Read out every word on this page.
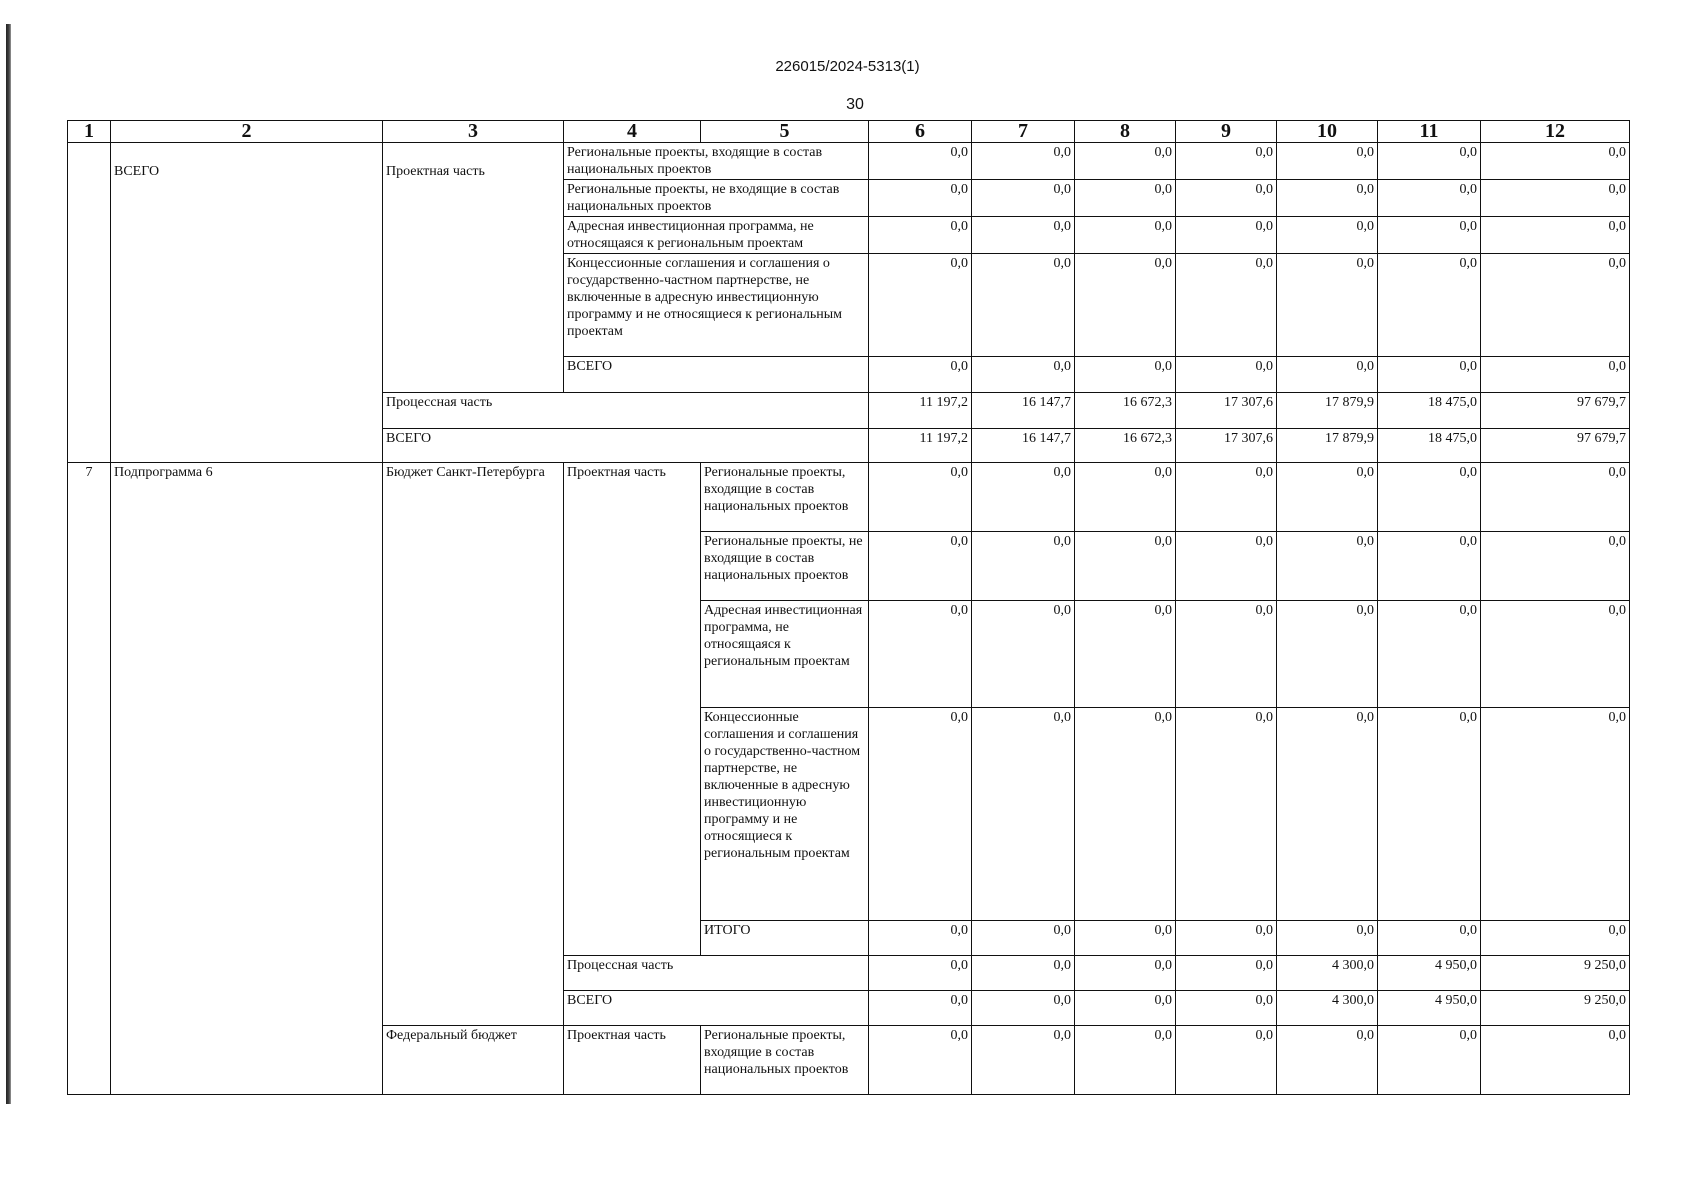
226015/2024-5313(1)
30
1	2	3	4	5	6	7	8	9	10	11	12
	ВСЕГО	Проектная часть	Региональные проекты, входящие в состав национальных проектов		0,0	0,0	0,0	0,0	0,0	0,0	0,0
			Региональные проекты, не входящие в состав национальных проектов		0,0	0,0	0,0	0,0	0,0	0,0	0,0
			Адресная инвестиционная программа, не относящаяся к региональным проектам		0,0	0,0	0,0	0,0	0,0	0,0	0,0
			Концессионные соглашения и соглашения о государственно-частном партнерстве, не включенные в адресную инвестиционную программу и не относящиеся к региональным проектам		0,0	0,0	0,0	0,0	0,0	0,0	0,0
			ВСЕГО		0,0	0,0	0,0	0,0	0,0	0,0	0,0
		Процессная часть			11 197,2	16 147,7	16 672,3	17 307,6	17 879,9	18 475,0	97 679,7
		ВСЕГО			11 197,2	16 147,7	16 672,3	17 307,6	17 879,9	18 475,0	97 679,7
7	Подпрограмма 6	Бюджет Санкт-Петербурга	Проектная часть	Региональные проекты, входящие в состав национальных проектов	0,0	0,0	0,0	0,0	0,0	0,0	0,0
				Региональные проекты, не входящие в состав национальных проектов	0,0	0,0	0,0	0,0	0,0	0,0	0,0
				Адресная инвестиционная программа, не относящаяся к региональным проектам	0,0	0,0	0,0	0,0	0,0	0,0	0,0
				Концессионные соглашения и соглашения о государственно-частном партнерстве, не включенные в адресную инвестиционную программу и не относящиеся к региональным проектам	0,0	0,0	0,0	0,0	0,0	0,0	0,0
				ИТОГО	0,0	0,0	0,0	0,0	0,0	0,0	0,0
			Процессная часть		0,0	0,0	0,0	0,0	4 300,0	4 950,0	9 250,0
			ВСЕГО		0,0	0,0	0,0	0,0	4 300,0	4 950,0	9 250,0
		Федеральный бюджет	Проектная часть	Региональные проекты, входящие в состав национальных проектов	0,0	0,0	0,0	0,0	0,0	0,0	0,0
